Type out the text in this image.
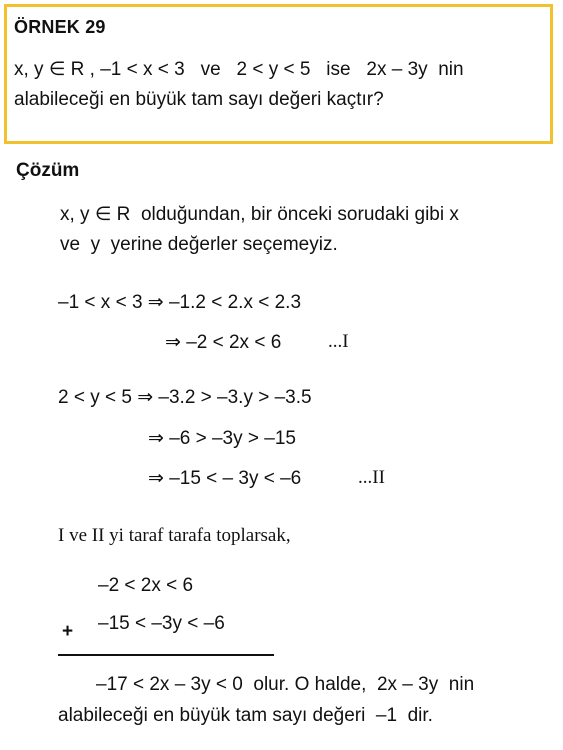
ÖRNEK 29
x, y ∈ R , –1 < x < 3   ve   2 < y < 5   ise   2x – 3y  nin
alabileceği en büyük tam sayı değeri kaçtır?
Çözüm
x, y ∈ R  olduğundan, bir önceki sorudaki gibi x
ve  y  yerine değerler seçemeyiz.
–1 < x < 3 ⇒ –1.2 < 2.x < 2.3
⇒ –2 < 2x < 6 ...I
2 < y < 5 ⇒ –3.2 > –3.y > –3.5
⇒ –6 > –3y > –15
⇒ –15 < – 3y < –6	...II
I ve II yi taraf tarafa toplarsak,
–2 < 2x < 6
+ –15 < –3y < –6
–17 < 2x – 3y < 0  olur. O halde,  2x – 3y  nin
alabileceği en büyük tam sayı değeri  –1  dir.
